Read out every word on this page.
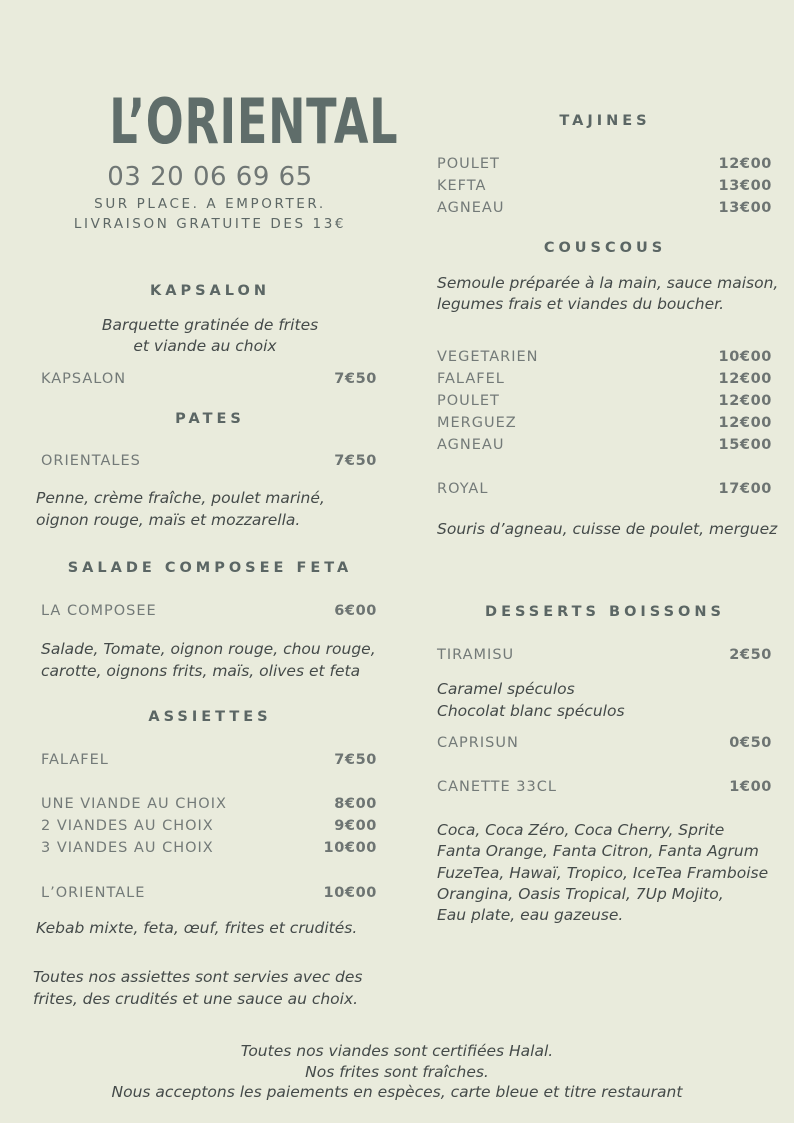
L’ORIENTAL
03 20 06 69 65
SUR PLACE. A EMPORTER.
LIVRAISON GRATUITE DES 13€
KAPSALON
Barquette gratinée de frites
et viande au choix
KAPSALON	7€50
PATES
ORIENTALES	7€50
Penne, crème fraîche, poulet mariné,
oignon rouge, maïs et mozzarella.
SALADE COMPOSEE FETA
LA COMPOSEE	6€00
Salade, Tomate, oignon rouge, chou rouge,
carotte, oignons frits, maïs, olives et feta
ASSIETTES
FALAFEL	7€50
UNE VIANDE AU CHOIX	8€00
2 VIANDES AU CHOIX	9€00
3 VIANDES AU CHOIX	10€00
L’ORIENTALE	10€00
Kebab mixte, feta, œuf, frites et crudités.
Toutes nos assiettes sont servies avec des
frites, des crudités et une sauce au choix.
TAJINES
POULET	12€00
KEFTA	13€00
AGNEAU	13€00
COUSCOUS
Semoule préparée à la main, sauce maison,
legumes frais et viandes du boucher.
VEGETARIEN	10€00
FALAFEL	12€00
POULET	12€00
MERGUEZ	12€00
AGNEAU	15€00
ROYAL	17€00
Souris d’agneau, cuisse de poulet, merguez
DESSERTS BOISSONS
TIRAMISU	2€50
Caramel spéculos
Chocolat blanc spéculos
CAPRISUN	0€50
CANETTE 33CL	1€00
Coca, Coca Zéro, Coca Cherry, Sprite
Fanta Orange, Fanta Citron, Fanta Agrum
FuzeTea, Hawaï, Tropico, IceTea Framboise
Orangina, Oasis Tropical, 7Up Mojito,
Eau plate, eau gazeuse.
Toutes nos viandes sont certifiées Halal.
Nos frites sont fraîches.
Nous acceptons les paiements en espèces, carte bleue et titre restaurant
